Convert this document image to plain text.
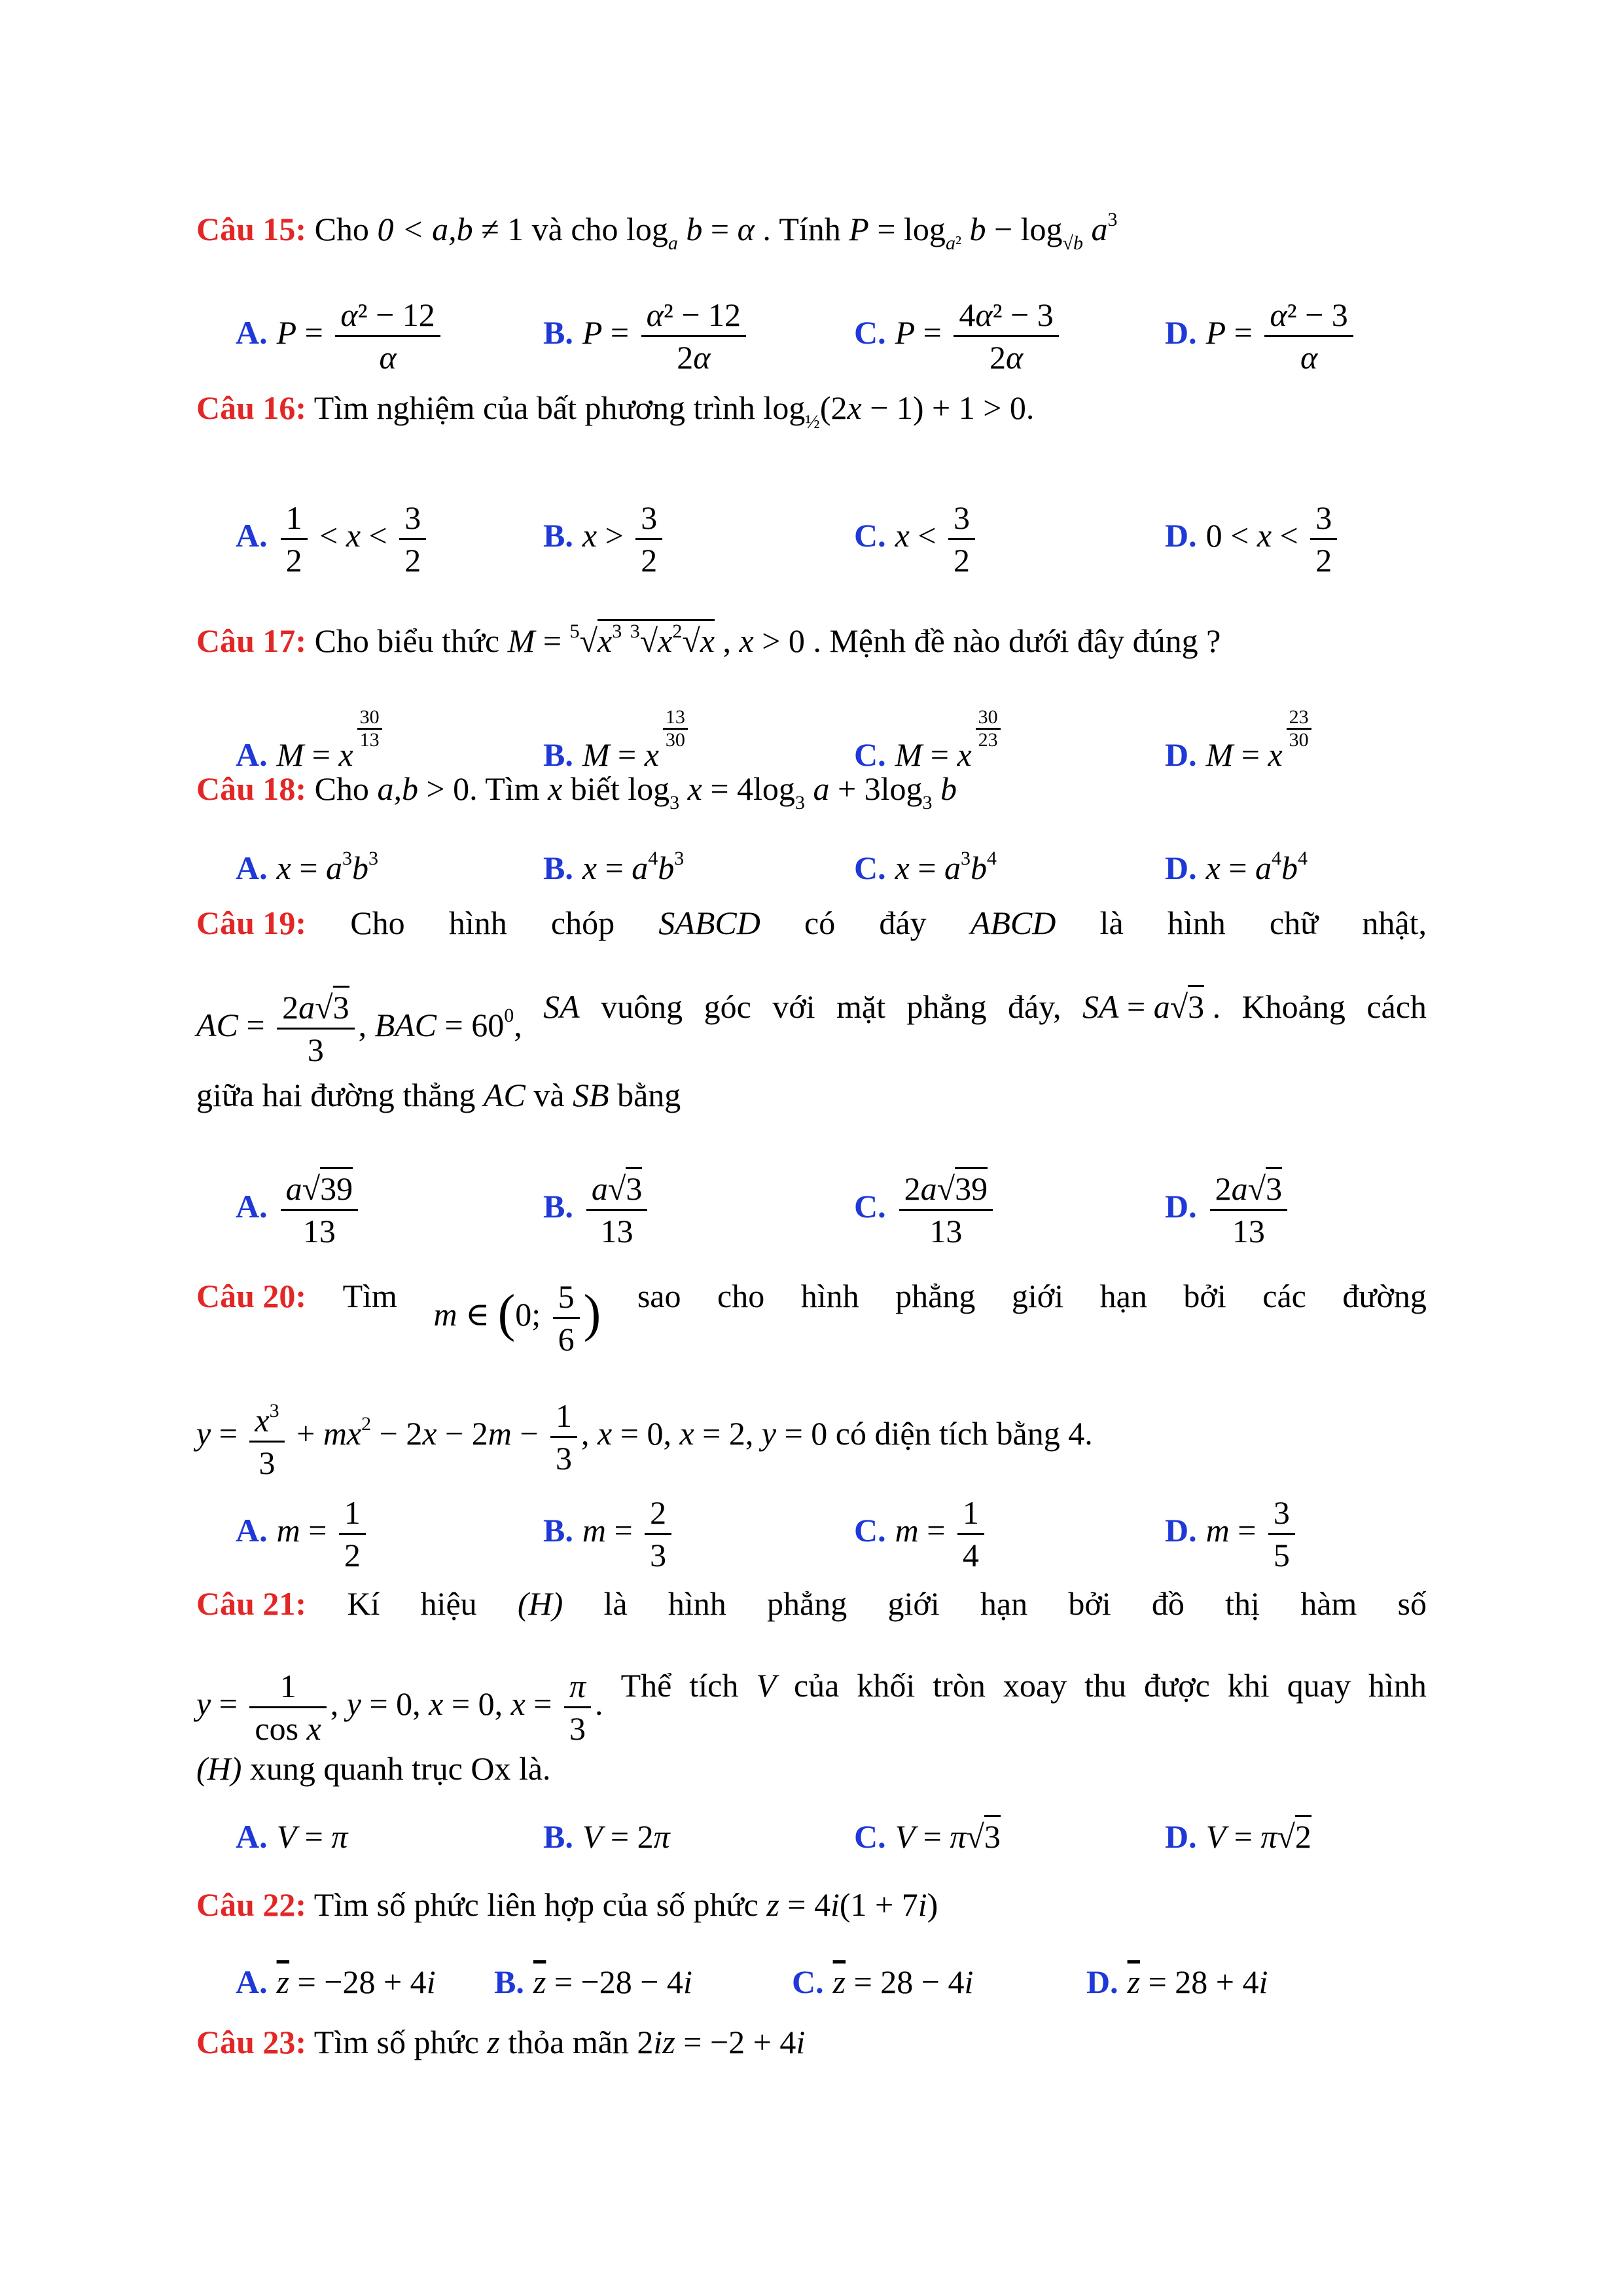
Câu 15: Cho 0 < a,b ≠ 1 và cho $\log_a b = \alpha$ . Tính $P = \log_{a^2} b - \log_{√b} a^3$
A. $P = \frac{\text{α² − 12}}{\alpha}$	B. $P = \frac{\text{α² − 12}}{2\alpha}$	C. $P = \frac{\text{4α² − 3}}{2\alpha}$	D. $P = \frac{\text{α² − 3}}{\alpha}$
Câu 16: Tìm nghiệm của bất phương trình $\log_{\frac{1}{2}}(2x - 1) + 1 > 0$.
A. $\frac{1}{2} < x < \frac{3}{2}$	B. $x > \frac{3}{2}$	C. $x < \frac{3}{2}$	D. $0 < x < \frac{3}{2}$
Câu 17: Cho biểu thức $M = ^5√x^3$ $^3√x^2√x$ , x > 0 . Mệnh đề nào dưới đây đúng ?
A. M = x
$\frac{30}{13}$
B. M = x
$\frac{13}{30}$
C. M = x
$\frac{30}{23}$
D. M = x
$\frac{23}{30}$
Câu 18: Cho a,b > 0. Tìm x biết $\log_3 x = 4\log_3$ $a + 3\log_3$ b
A. $x = a^3b^3$	B. $x = a^4b^3$	C. $x = a^3b^4$	D. $x = a^4b^4$
Câu 19: Cho hình chóp SABCD có đáy ABCD là hình chữ nhật,
AC = $\frac{2a√3}{3}$ , BAC = $60^0$, SA vuông góc với mặt phẳng đáy, SA = a√3 . Khoảng cách
giữa hai đường thẳng AC và SB bằng
A. $\frac{a√39}{13}$	B. $\frac{a√3}{13}$	C. $\frac{2a√39}{13}$	D. $\frac{2a√3}{13}$
Câu 20: Tìm m ∈ (0; $\frac{5}{6}$ ) sao cho hình phẳng giới hạn bởi các đường
$y = \frac{x^3}{3} + mx^2 - 2x - 2m - \frac{1}{3}$ , x = 0, x = 2, y = 0 có diện tích bằng 4.
A. $m = \frac{1}{2}$	B. $m = \frac{2}{3}$	C. $m = \frac{1}{4}$	D. $m = \frac{3}{5}$
Câu 21: Kí hiệu (H) là hình phẳng giới hạn bởi đồ thị hàm số
$y = \frac{1}{\text{cos x}}$ , y = 0, x = 0, $x = \frac{\pi}{3}$ . Thể tích V của khối tròn xoay thu được khi quay hình
(H) xung quanh trục Ox là.
A. V = π	B. V = 2π	C. V = π√3	D. V = π√2
Câu 22: Tìm số phức liên hợp của số phức z = 4i(1 + 7i)
A. $\overline{z} = -28 + 4i$ B. $\overline{z} = -28 - 4i$	C. $\overline{z} = 28 - 4i$	D. $\overline{z} = 28 + 4i$
Câu 23: Tìm số phức z thỏa mãn 2iz = −2 + 4i
